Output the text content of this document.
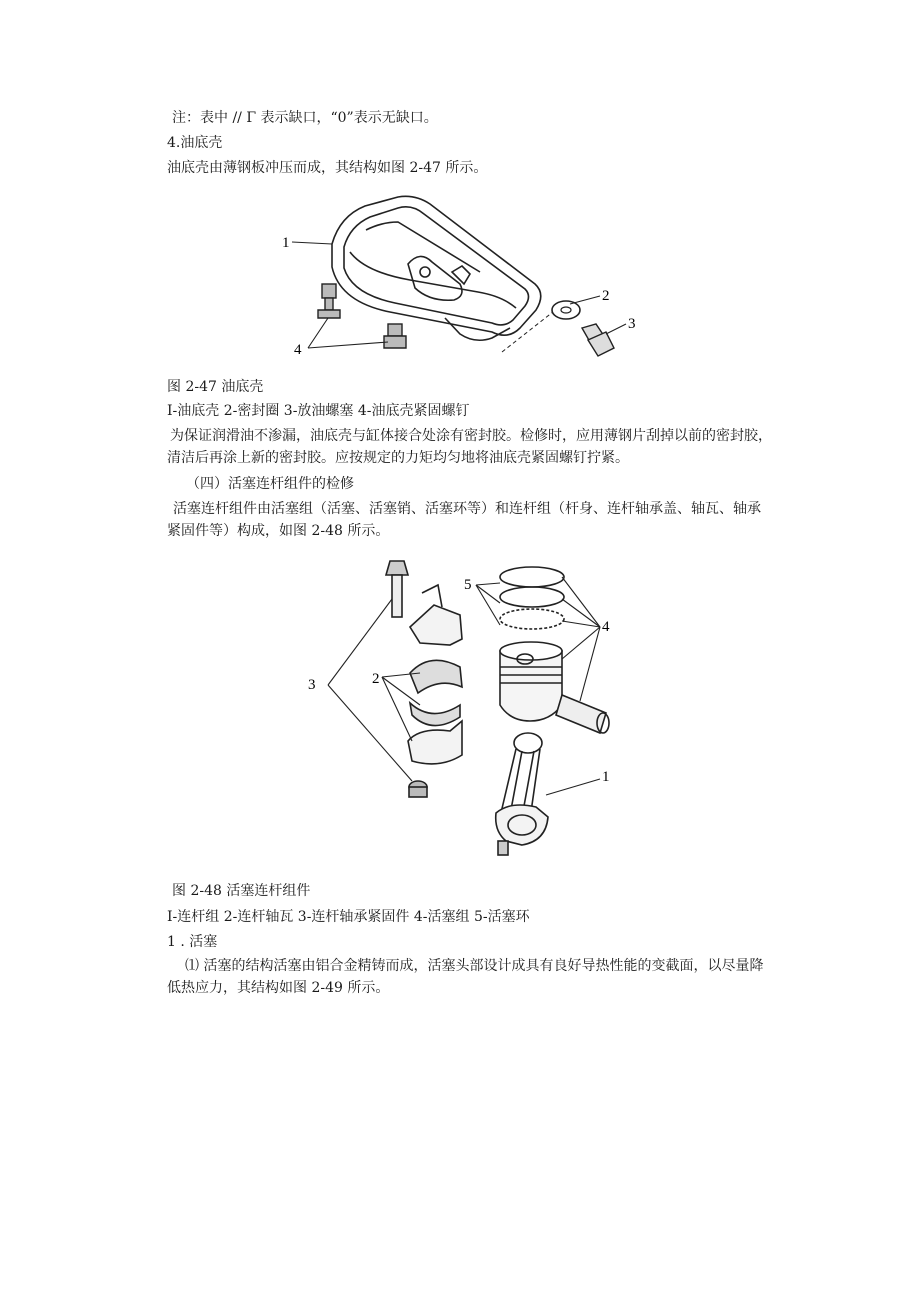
注：表中 // Γ 表示缺口，“0”表示无缺口。
4.油底壳
油底壳由薄钢板冲压而成，其结构如图 2-47 所示。
1
2
3
4
图 2-47 油底壳
I-油底壳 2-密封圈 3-放油螺塞 4-油底壳紧固螺钉
为保证润滑油不渗漏，油底壳与缸体接合处涂有密封胶。检修时，应用薄钢片刮掉以前的密封胶，清洁后再涂上新的密封胶。应按规定的力矩均匀地将油底壳紧固螺钉拧紧。
（四）活塞连杆组件的检修
活塞连杆组件由活塞组（活塞、活塞销、活塞环等）和连杆组（杆身、连杆轴承盖、轴瓦、轴承紧固件等）构成，如图 2-48 所示。
5
4
3	2
1
图 2-48 活塞连杆组件
I-连杆组 2-连杆轴瓦 3-连杆轴承紧固件 4-活塞组 5-活塞环
1 . 活塞
⑴ 活塞的结构活塞由铝合金精铸而成，活塞头部设计成具有良好导热性能的变截面，以尽量降低热应力，其结构如图 2-49 所示。
